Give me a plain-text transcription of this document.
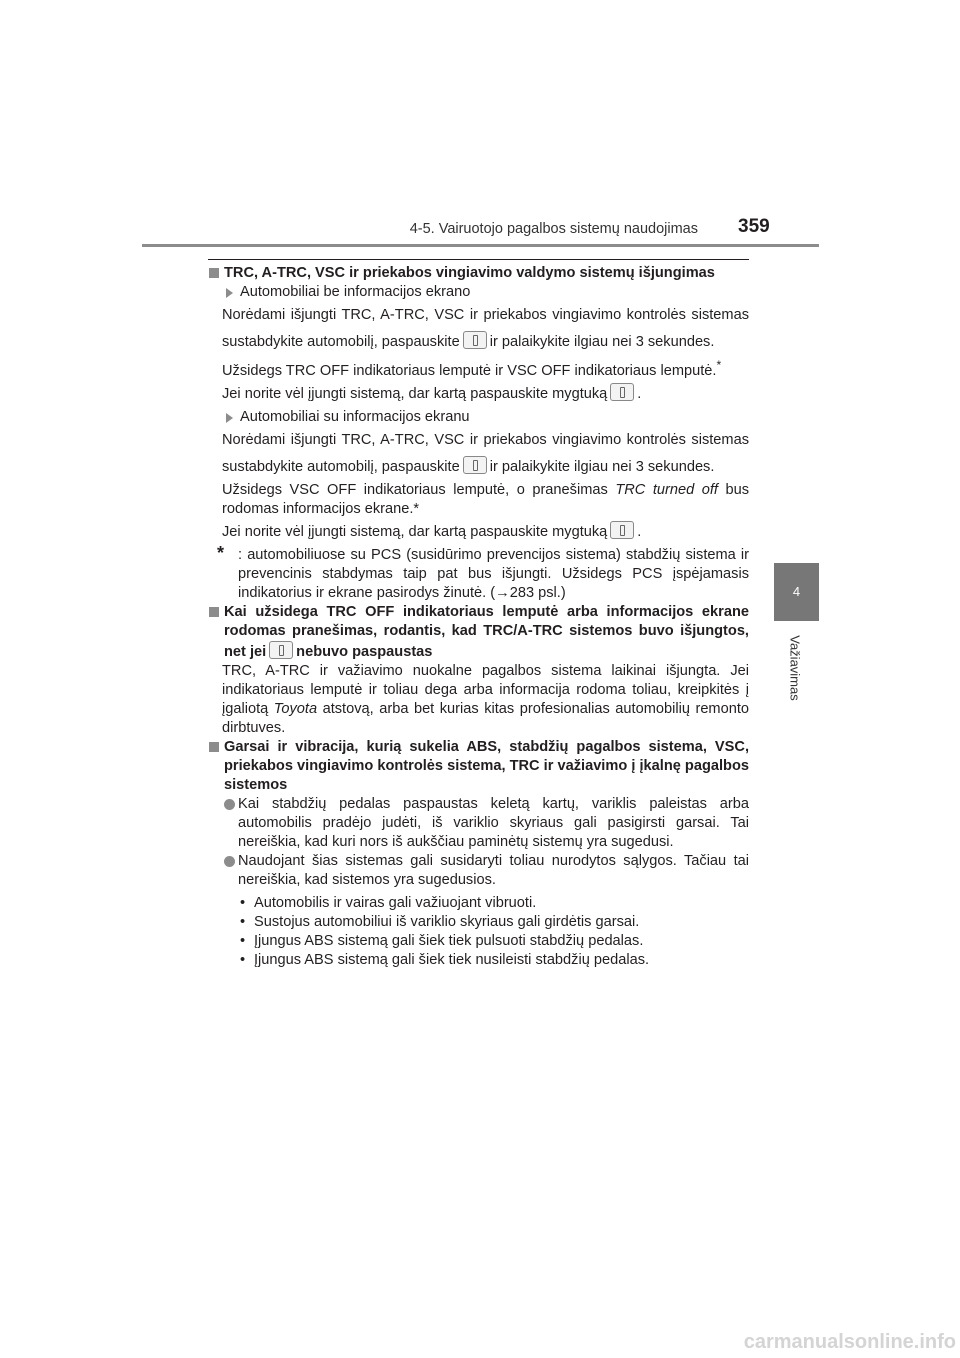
4-5. Vairuotojo pagalbos sistemų naudojimas 359
4
Važiavimas

TRC, A-TRC, VSC ir priekabos vingiavimo valdymo sistemų išjungimas

Automobiliai be informacijos ekrano

Norėdami išjungti TRC, A-TRC, VSC ir priekabos vingiavimo kontrolės sistemas sustabdykite automobilį, paspauskite ir palaikykite ilgiau nei 3 sekundes.

Užsidegs TRC OFF indikatoriaus lemputė ir VSC OFF indikatoriaus lemputė.*

Jei norite vėl įjungti sistemą, dar kartą paspauskite mygtuką .

Automobiliai su informacijos ekranu

Norėdami išjungti TRC, A-TRC, VSC ir priekabos vingiavimo kontrolės sistemas sustabdykite automobilį, paspauskite ir palaikykite ilgiau nei 3 sekundes.

Užsidegs VSC OFF indikatoriaus lemputė, o pranešimas TRC turned off bus rodomas informacijos ekrane.*

Jei norite vėl įjungti sistemą, dar kartą paspauskite mygtuką .

* : automobiliuose su PCS (susidūrimo prevencijos sistema) stabdžių sistema ir prevencinis stabdymas taip pat bus išjungti. Užsidegs PCS įspėjamasis indikatorius ir ekrane pasirodys žinutė. (→283 psl.)

Kai užsidega TRC OFF indikatoriaus lemputė arba informacijos ekrane rodomas pranešimas, rodantis, kad TRC/A-TRC sistemos buvo išjungtos, net jei nebuvo paspaustas

TRC, A-TRC ir važiavimo nuokalne pagalbos sistema laikinai išjungta. Jei indikatoriaus lemputė ir toliau dega arba informacija rodoma toliau, kreipkitės į įgaliotą Toyota atstovą, arba bet kurias kitas profesionalias automobilių remonto dirbtuves.

Garsai ir vibracija, kurią sukelia ABS, stabdžių pagalbos sistema, VSC, priekabos vingiavimo kontrolės sistema, TRC ir važiavimo į įkalnę pagalbos sistemos

Kai stabdžių pedalas paspaustas keletą kartų, variklis paleistas arba automobilis pradėjo judėti, iš variklio skyriaus gali pasigirsti garsai. Tai nereiškia, kad kuri nors iš aukščiau paminėtų sistemų yra sugedusi.

Naudojant šias sistemas gali susidaryti toliau nurodytos sąlygos. Tačiau tai nereiškia, kad sistemos yra sugedusios.

• Automobilis ir vairas gali važiuojant vibruoti.

• Sustojus automobiliui iš variklio skyriaus gali girdėtis garsai.

• Įjungus ABS sistemą gali šiek tiek pulsuoti stabdžių pedalas.

• Įjungus ABS sistemą gali šiek tiek nusileisti stabdžių pedalas.

carmanualsonline.info
